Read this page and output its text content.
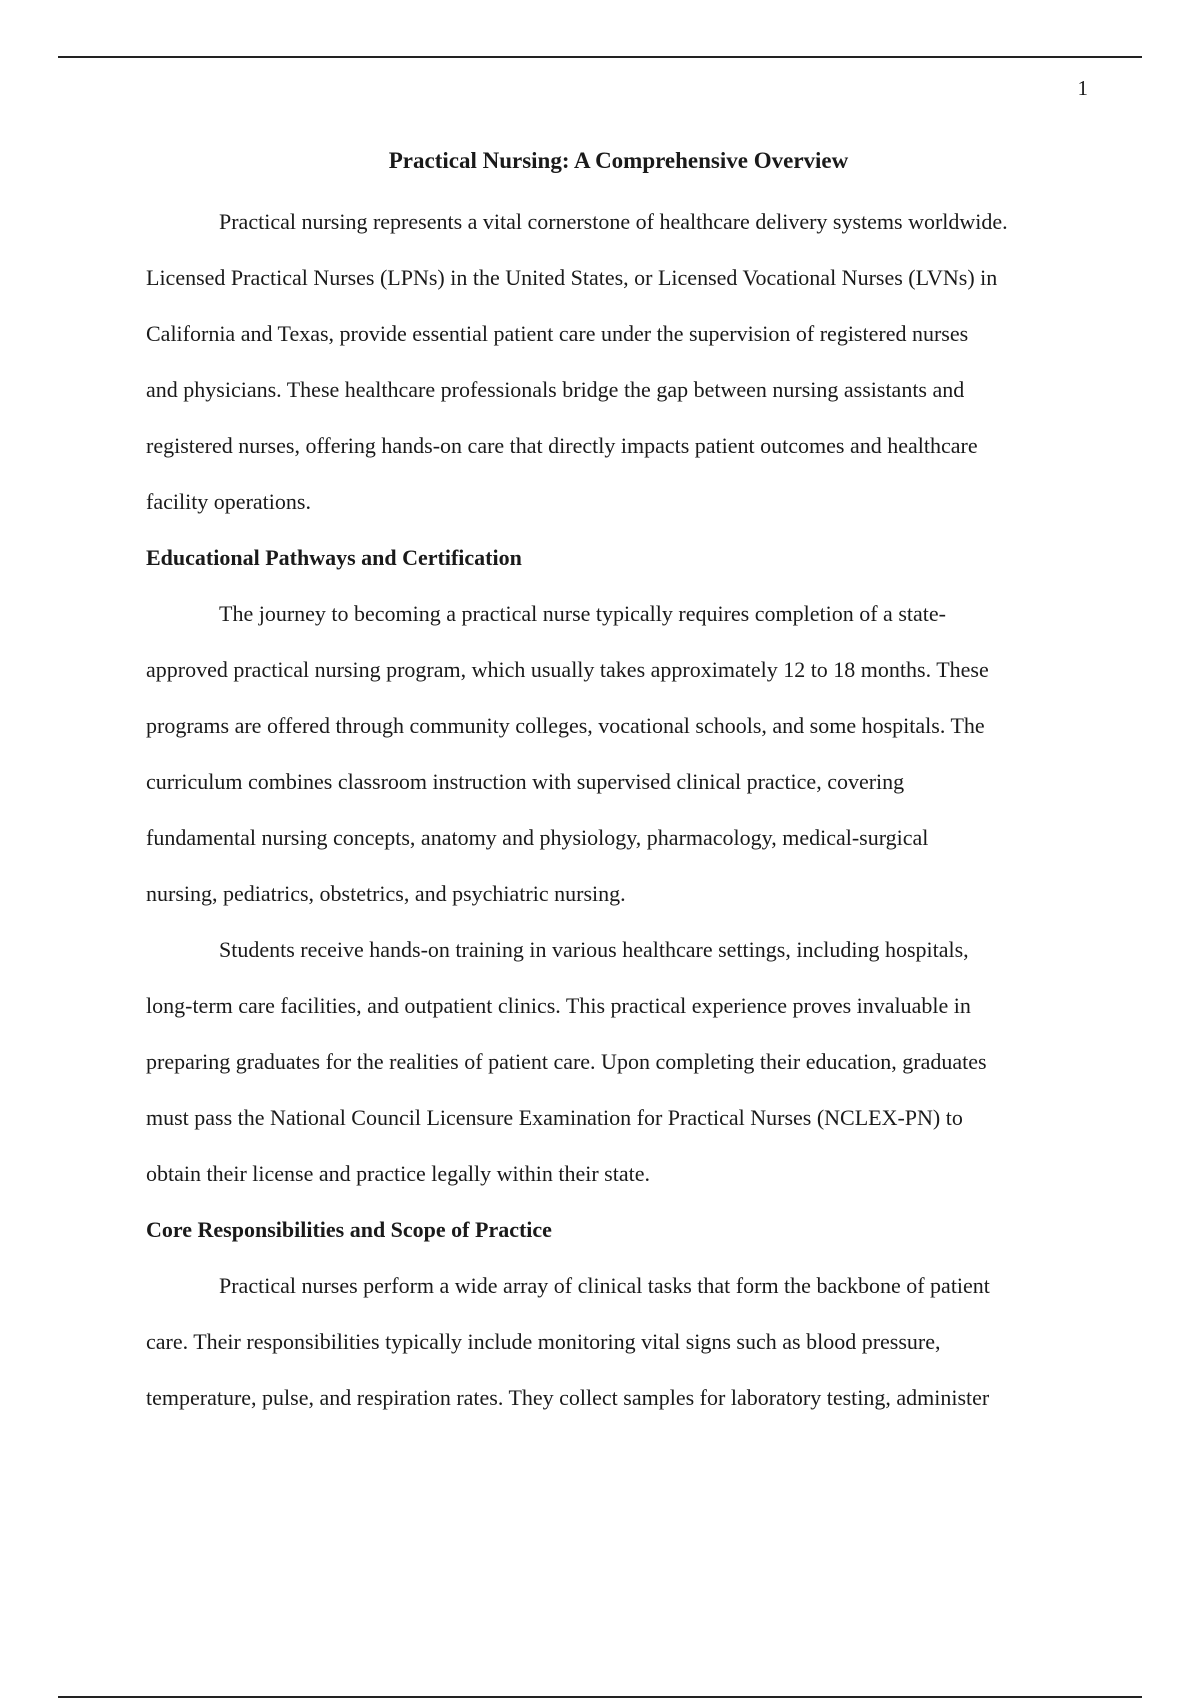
1
Practical Nursing: A Comprehensive Overview

Practical nursing represents a vital cornerstone of healthcare delivery systems worldwide.
Licensed Practical Nurses (LPNs) in the United States, or Licensed Vocational Nurses (LVNs) in
California and Texas, provide essential patient care under the supervision of registered nurses
and physicians. These healthcare professionals bridge the gap between nursing assistants and
registered nurses, offering hands-on care that directly impacts patient outcomes and healthcare
facility operations.

Educational Pathways and Certification

The journey to becoming a practical nurse typically requires completion of a state-
approved practical nursing program, which usually takes approximately 12 to 18 months. These
programs are offered through community colleges, vocational schools, and some hospitals. The
curriculum combines classroom instruction with supervised clinical practice, covering
fundamental nursing concepts, anatomy and physiology, pharmacology, medical-surgical
nursing, pediatrics, obstetrics, and psychiatric nursing.

Students receive hands-on training in various healthcare settings, including hospitals,
long-term care facilities, and outpatient clinics. This practical experience proves invaluable in
preparing graduates for the realities of patient care. Upon completing their education, graduates
must pass the National Council Licensure Examination for Practical Nurses (NCLEX-PN) to
obtain their license and practice legally within their state.

Core Responsibilities and Scope of Practice

Practical nurses perform a wide array of clinical tasks that form the backbone of patient
care. Their responsibilities typically include monitoring vital signs such as blood pressure,
temperature, pulse, and respiration rates. They collect samples for laboratory testing, administer
